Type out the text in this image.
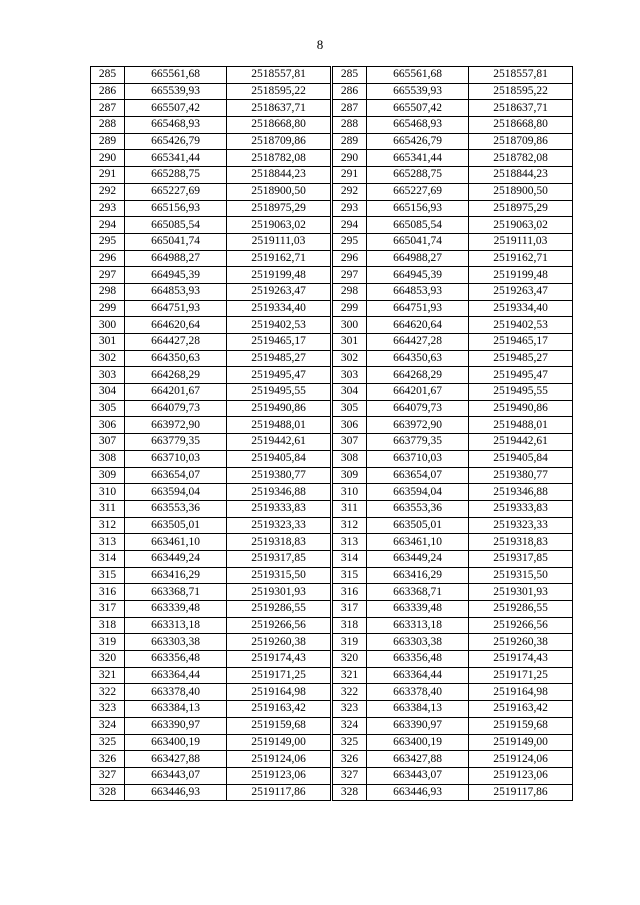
8
285	665561,68	2518557,81
286	665539,93	2518595,22
287	665507,42	2518637,71
288	665468,93	2518668,80
289	665426,79	2518709,86
290	665341,44	2518782,08
291	665288,75	2518844,23
292	665227,69	2518900,50
293	665156,93	2518975,29
294	665085,54	2519063,02
295	665041,74	2519111,03
296	664988,27	2519162,71
297	664945,39	2519199,48
298	664853,93	2519263,47
299	664751,93	2519334,40
300	664620,64	2519402,53
301	664427,28	2519465,17
302	664350,63	2519485,27
303	664268,29	2519495,47
304	664201,67	2519495,55
305	664079,73	2519490,86
306	663972,90	2519488,01
307	663779,35	2519442,61
308	663710,03	2519405,84
309	663654,07	2519380,77
310	663594,04	2519346,88
311	663553,36	2519333,83
312	663505,01	2519323,33
313	663461,10	2519318,83
314	663449,24	2519317,85
315	663416,29	2519315,50
316	663368,71	2519301,93
317	663339,48	2519286,55
318	663313,18	2519266,56
319	663303,38	2519260,38
320	663356,48	2519174,43
321	663364,44	2519171,25
322	663378,40	2519164,98
323	663384,13	2519163,42
324	663390,97	2519159,68
325	663400,19	2519149,00
326	663427,88	2519124,06
327	663443,07	2519123,06
328	663446,93	2519117,86
285	665561,68	2518557,81
286	665539,93	2518595,22
287	665507,42	2518637,71
288	665468,93	2518668,80
289	665426,79	2518709,86
290	665341,44	2518782,08
291	665288,75	2518844,23
292	665227,69	2518900,50
293	665156,93	2518975,29
294	665085,54	2519063,02
295	665041,74	2519111,03
296	664988,27	2519162,71
297	664945,39	2519199,48
298	664853,93	2519263,47
299	664751,93	2519334,40
300	664620,64	2519402,53
301	664427,28	2519465,17
302	664350,63	2519485,27
303	664268,29	2519495,47
304	664201,67	2519495,55
305	664079,73	2519490,86
306	663972,90	2519488,01
307	663779,35	2519442,61
308	663710,03	2519405,84
309	663654,07	2519380,77
310	663594,04	2519346,88
311	663553,36	2519333,83
312	663505,01	2519323,33
313	663461,10	2519318,83
314	663449,24	2519317,85
315	663416,29	2519315,50
316	663368,71	2519301,93
317	663339,48	2519286,55
318	663313,18	2519266,56
319	663303,38	2519260,38
320	663356,48	2519174,43
321	663364,44	2519171,25
322	663378,40	2519164,98
323	663384,13	2519163,42
324	663390,97	2519159,68
325	663400,19	2519149,00
326	663427,88	2519124,06
327	663443,07	2519123,06
328	663446,93	2519117,86
